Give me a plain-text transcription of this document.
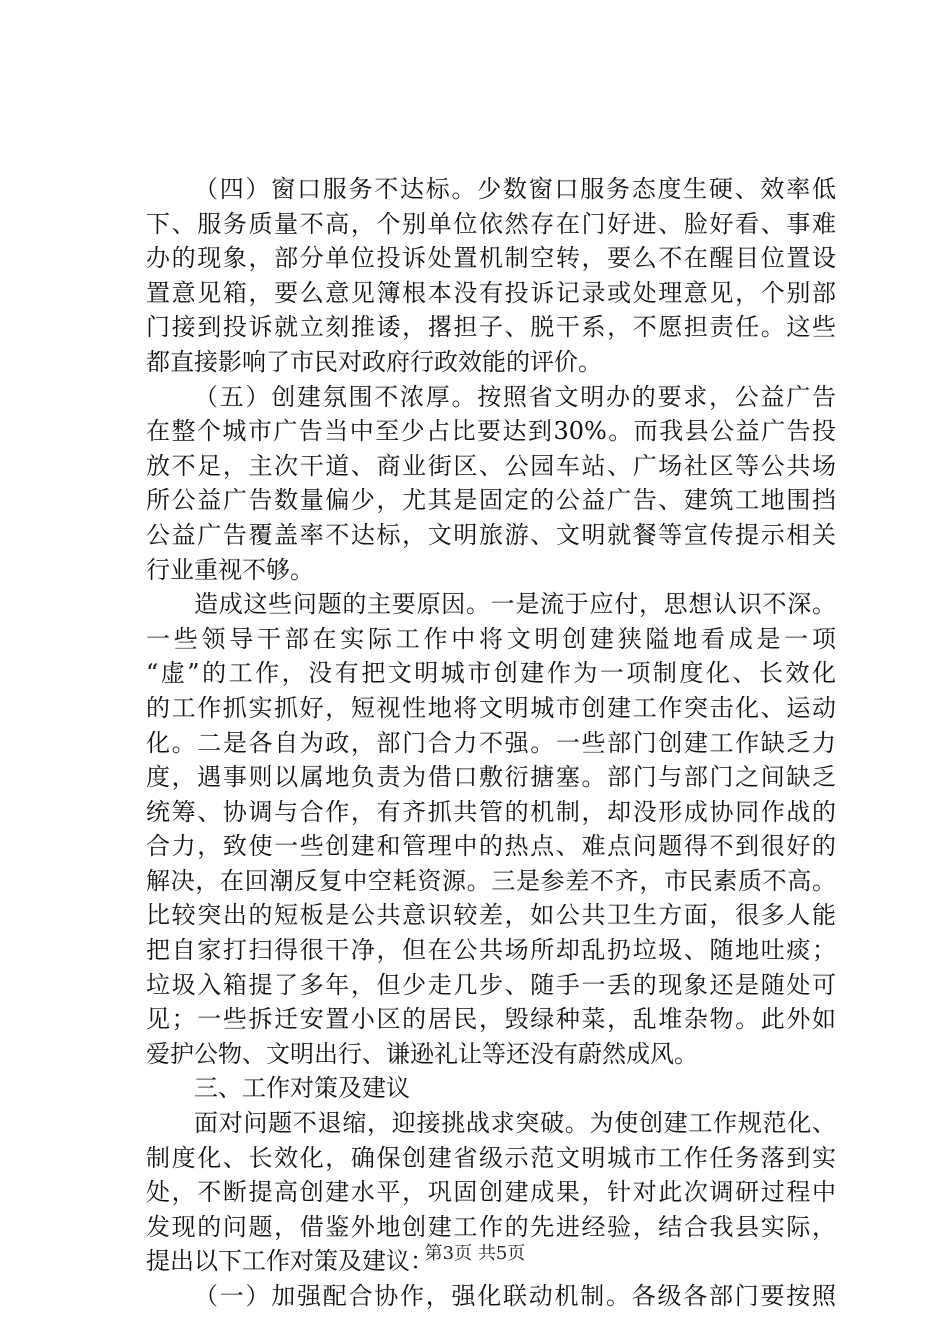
（四）窗口服务不达标。少数窗口服务态度生硬、效率低
下、服务质量不高，个别单位依然存在门好进、脸好看、事难
办的现象，部分单位投诉处置机制空转，要么不在醒目位置设
置意见箱，要么意见簿根本没有投诉记录或处理意见，个别部
门接到投诉就立刻推诿，撂担子、脱干系，不愿担责任。这些
都直接影响了市民对政府行政效能的评价。
（五）创建氛围不浓厚。按照省文明办的要求，公益广告
在整个城市广告当中至少占比要达到30%。而我县公益广告投
放不足，主次干道、商业街区、公园车站、广场社区等公共场
所公益广告数量偏少，尤其是固定的公益广告、建筑工地围挡
公益广告覆盖率不达标，文明旅游、文明就餐等宣传提示相关
行业重视不够。
造成这些问题的主要原因。一是流于应付，思想认识不深。
一些领导干部在实际工作中将文明创建狭隘地看成是一项
“虚”的工作，没有把文明城市创建作为一项制度化、长效化
的工作抓实抓好，短视性地将文明城市创建工作突击化、运动
化。二是各自为政，部门合力不强。一些部门创建工作缺乏力
度，遇事则以属地负责为借口敷衍搪塞。部门与部门之间缺乏
统筹、协调与合作，有齐抓共管的机制，却没形成协同作战的
合力，致使一些创建和管理中的热点、难点问题得不到很好的
解决，在回潮反复中空耗资源。三是参差不齐，市民素质不高。
比较突出的短板是公共意识较差，如公共卫生方面，很多人能
把自家打扫得很干净，但在公共场所却乱扔垃圾、随地吐痰；
垃圾入箱提了多年，但少走几步、随手一丢的现象还是随处可
见；一些拆迁安置小区的居民，毁绿种菜，乱堆杂物。此外如
爱护公物、文明出行、谦逊礼让等还没有蔚然成风。
三、工作对策及建议
面对问题不退缩，迎接挑战求突破。为使创建工作规范化、
制度化、长效化，确保创建省级示范文明城市工作任务落到实
处，不断提高创建水平，巩固创建成果，针对此次调研过程中
发现的问题，借鉴外地创建工作的先进经验，结合我县实际，
提出以下工作对策及建议：
（一）加强配合协作，强化联动机制。各级各部门要按照
第3页 共5页
